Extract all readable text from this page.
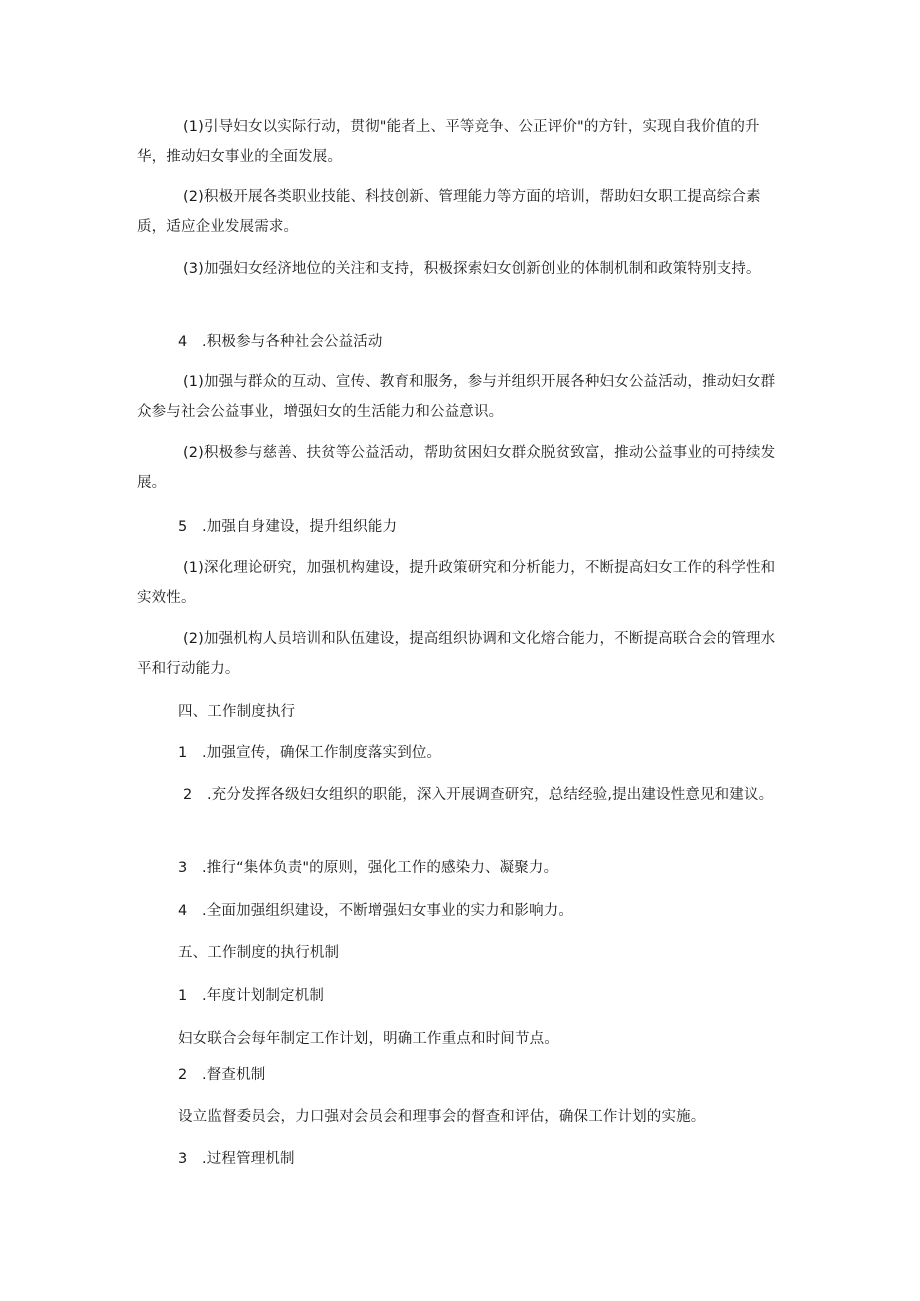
(1)引导妇女以实际行动，贯彻"能者上、平等竞争、公正评价"的方针，实现自我价值的升华，推动妇女事业的全面发展。

(2)积极开展各类职业技能、科技创新、管理能力等方面的培训，帮助妇女职工提高综合素质，适应企业发展需求。

(3)加强妇女经济地位的关注和支持，积极探索妇女创新创业的体制机制和政策特别支持。

4　.积极参与各种社会公益活动

(1)加强与群众的互动、宣传、教育和服务，参与并组织开展各种妇女公益活动，推动妇女群众参与社会公益事业，增强妇女的生活能力和公益意识。

(2)积极参与慈善、扶贫等公益活动，帮助贫困妇女群众脱贫致富，推动公益事业的可持续发展。

5　.加强自身建设，提升组织能力

(1)深化理论研究，加强机构建设，提升政策研究和分析能力，不断提高妇女工作的科学性和实效性。

(2)加强机构人员培训和队伍建设，提高组织协调和文化熔合能力，不断提高联合会的管理水平和行动能力。

四、工作制度执行
1　.加强宣传，确保工作制度落实到位。

2　.充分发挥各级妇女组织的职能，深入开展调查研究，总结经验,提出建设性意见和建议。

3　.推行“集体负责"的原则，强化工作的感染力、凝聚力。
4　.全面加强组织建设，不断增强妇女事业的实力和影响力。
五、工作制度的执行机制
1　.年度计划制定机制
妇女联合会每年制定工作计划，明确工作重点和时间节点。
2　.督查机制
设立监督委员会，力口强对会员会和理事会的督查和评估，确保工作计划的实施。
3　.过程管理机制
